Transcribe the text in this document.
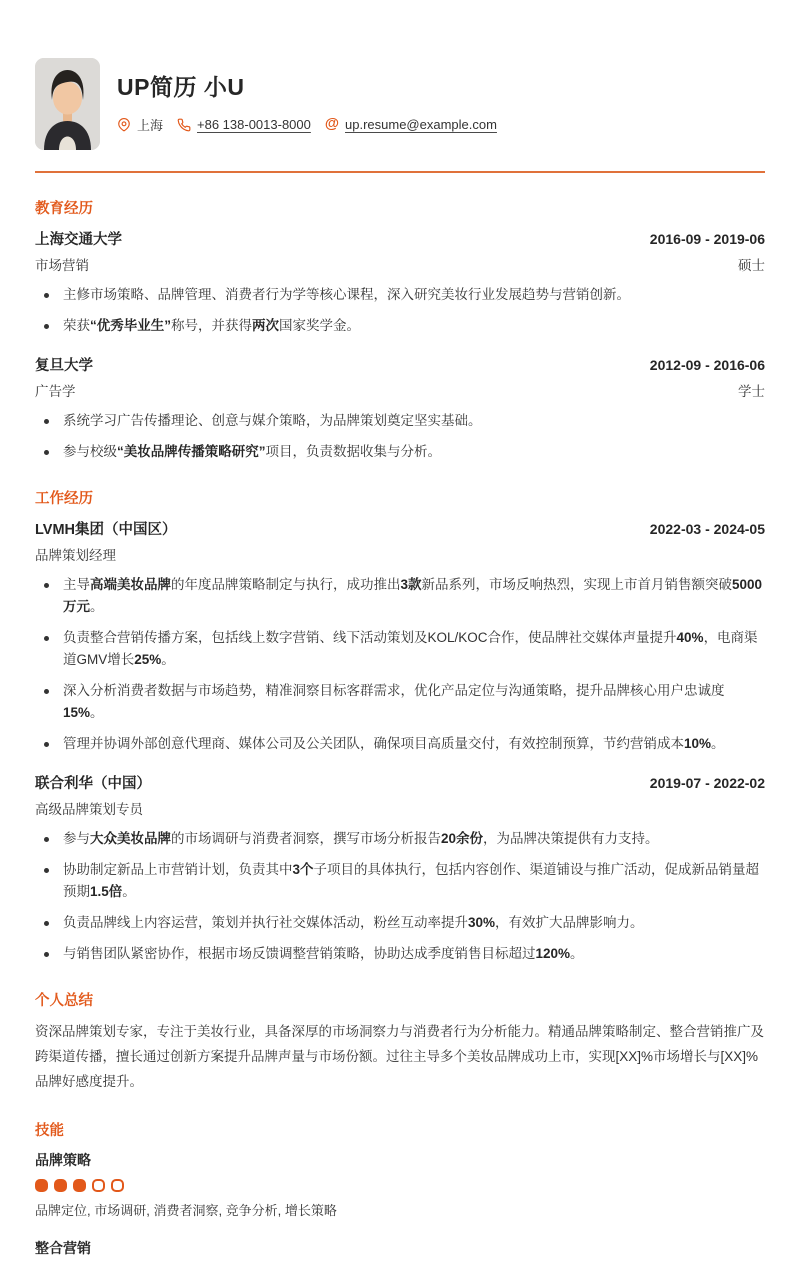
UP简历 小U
上海	+86 138-0013-8000 @ up.resume@example.com
教育经历
上海交通大学	2016-09 - 2019-06
市场营销	硕士
主修市场策略、品牌管理、消费者行为学等核心课程，深入研究美妆行业发展趋势与营销创新。
荣获“优秀毕业生”称号，并获得两次国家奖学金。
复旦大学	2012-09 - 2016-06
广告学	学士
系统学习广告传播理论、创意与媒介策略，为品牌策划奠定坚实基础。
参与校级“美妆品牌传播策略研究”项目，负责数据收集与分析。
工作经历
LVMH集团（中国区）	2022-03 - 2024-05
品牌策划经理
主导高端美妆品牌的年度品牌策略制定与执行，成功推出3款新品系列，市场反响热烈，实现上市首月销售额突破5000万元。
负责整合营销传播方案，包括线上数字营销、线下活动策划及KOL/KOC合作，使品牌社交媒体声量提升40%，电商渠道GMV增长25%。
深入分析消费者数据与市场趋势，精准洞察目标客群需求，优化产品定位与沟通策略，提升品牌核心用户忠诚度15%。
管理并协调外部创意代理商、媒体公司及公关团队，确保项目高质量交付，有效控制预算，节约营销成本10%。
联合利华（中国）	2019-07 - 2022-02
高级品牌策划专员
参与大众美妆品牌的市场调研与消费者洞察，撰写市场分析报告20余份，为品牌决策提供有力支持。
协助制定新品上市营销计划，负责其中3个子项目的具体执行，包括内容创作、渠道铺设与推广活动，促成新品销量超预期1.5倍。
负责品牌线上内容运营，策划并执行社交媒体活动，粉丝互动率提升30%，有效扩大品牌影响力。
与销售团队紧密协作，根据市场反馈调整营销策略，协助达成季度销售目标超过120%。
个人总结

资深品牌策划专家，专注于美妆行业，具备深厚的市场洞察力与消费者行为分析能力。精通品牌策略制定、整合营销推广及跨渠道传播，擅长通过创新方案提升品牌声量与市场份额。过往主导多个美妆品牌成功上市，实现[XX]%市场增长与[XX]%品牌好感度提升。

技能
品牌策略
品牌定位, 市场调研, 消费者洞察, 竞争分析, 增长策略
整合营销
